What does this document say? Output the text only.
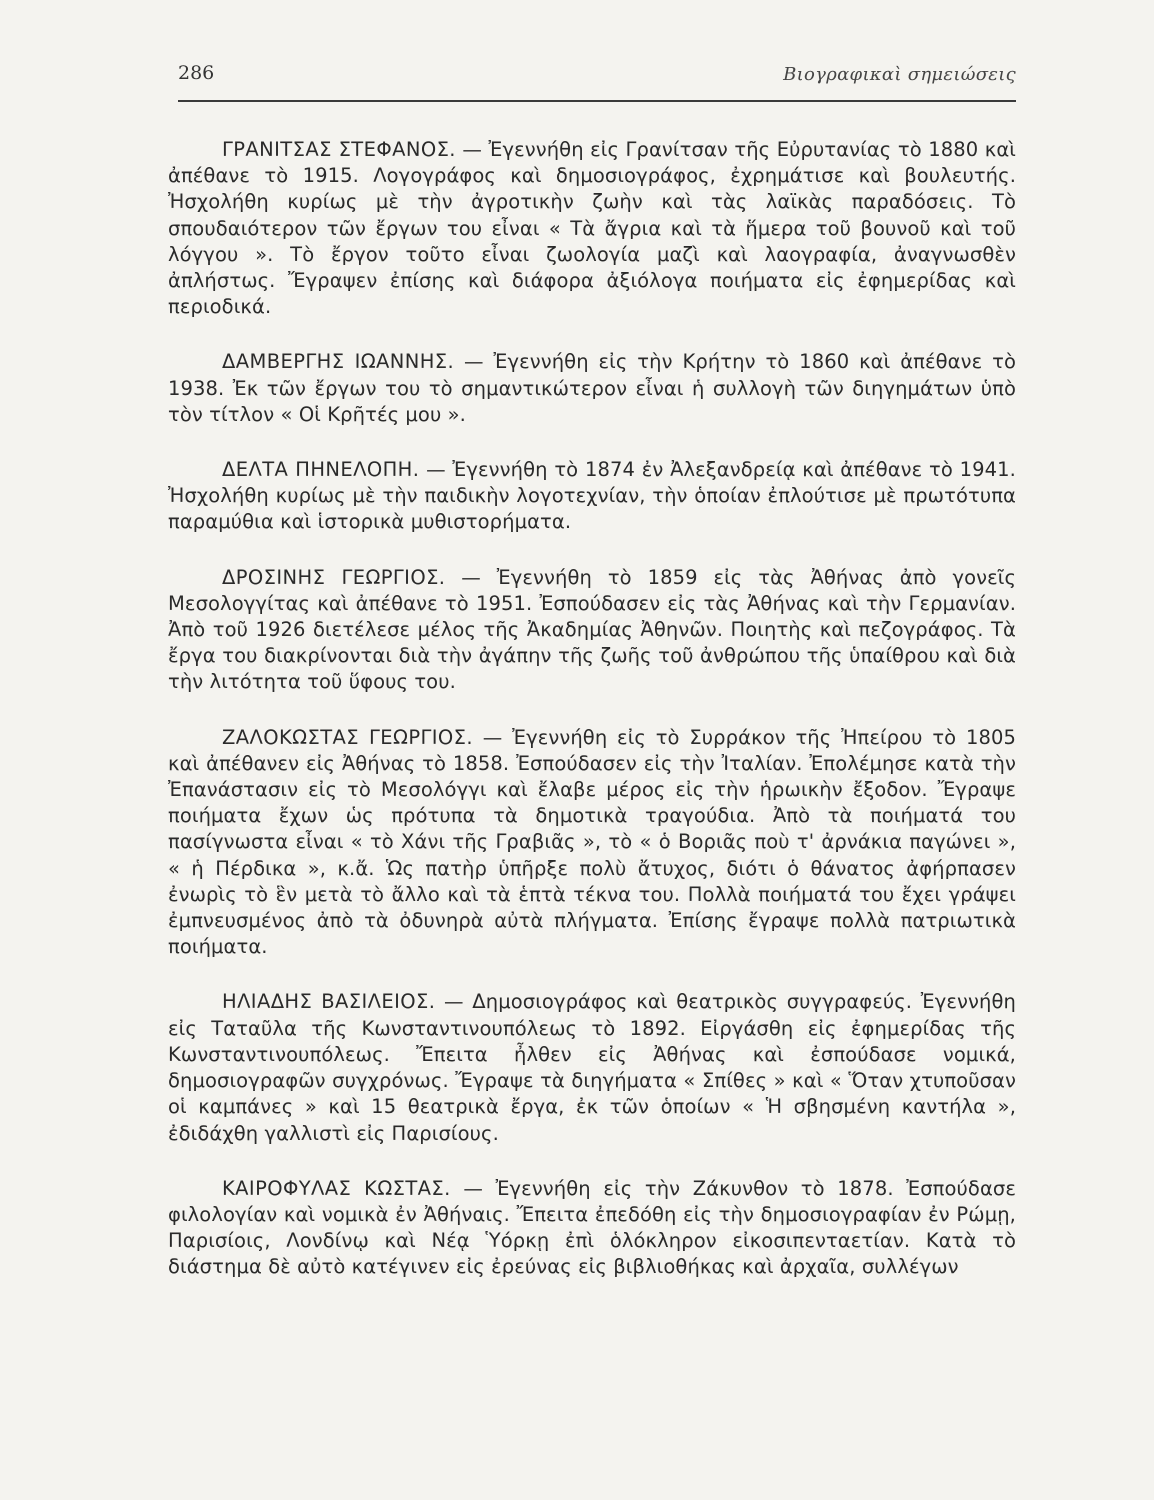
286	Βιογραφικαὶ σημειώσεις

ΓΡΑΝΙΤΣΑΣ ΣΤΕΦΑΝΟΣ. — Ἐγεννήθη εἰς Γρανίτσαν τῆς Εὐρυτανίας τὸ 1880 καὶ ἀπέθανε τὸ 1915. Λογογράφος καὶ δημοσιογράφος, ἐχρημάτισε καὶ βουλευτής. Ἠσχολήθη κυρίως μὲ τὴν ἀγροτικὴν ζωὴν καὶ τὰς λαϊκὰς παραδόσεις. Τὸ σπουδαιότερον τῶν ἔργων του εἶναι « Τὰ ἄγρια καὶ τὰ ἥμερα τοῦ βουνοῦ καὶ τοῦ λόγγου ». Τὸ ἔργον τοῦτο εἶναι ζωολογία μαζὶ καὶ λαογραφία, ἀναγνωσθὲν ἀπλήστως. Ἔγραψεν ἐπίσης καὶ διάφορα ἀξιόλογα ποιήματα εἰς ἐφημερίδας καὶ περιοδικά.

ΔΑΜΒΕΡΓΗΣ ΙΩΑΝΝΗΣ. — Ἐγεννήθη εἰς τὴν Κρήτην τὸ 1860 καὶ ἀπέθανε τὸ 1938. Ἐκ τῶν ἔργων του τὸ σημαντικώτερον εἶναι ἡ συλλογὴ τῶν διηγημάτων ὑπὸ τὸν τίτλον « Οἱ Κρῆτές μου ».

ΔΕΛΤΑ ΠΗΝΕΛΟΠΗ. — Ἐγεννήθη τὸ 1874 ἐν Ἀλεξανδρείᾳ καὶ ἀπέθανε τὸ 1941. Ἠσχολήθη κυρίως μὲ τὴν παιδικὴν λογοτεχνίαν, τὴν ὁποίαν ἐπλούτισε μὲ πρωτότυπα παραμύθια καὶ ἱστορικὰ μυθιστορήματα.

ΔΡΟΣΙΝΗΣ ΓΕΩΡΓΙΟΣ. — Ἐγεννήθη τὸ 1859 εἰς τὰς Ἀθήνας ἀπὸ γονεῖς Μεσολογγίτας καὶ ἀπέθανε τὸ 1951. Ἐσπούδασεν εἰς τὰς Ἀθήνας καὶ τὴν Γερμανίαν. Ἀπὸ τοῦ 1926 διετέλεσε μέλος τῆς Ἀκαδημίας Ἀθηνῶν. Ποιητὴς καὶ πεζογράφος. Τὰ ἔργα του διακρίνονται διὰ τὴν ἀγάπην τῆς ζωῆς τοῦ ἀνθρώπου τῆς ὑπαίθρου καὶ διὰ τὴν λιτότητα τοῦ ὕφους του.

ΖΑΛΟΚΩΣΤΑΣ ΓΕΩΡΓΙΟΣ. — Ἐγεννήθη εἰς τὸ Συρράκον τῆς Ἠπείρου τὸ 1805 καὶ ἀπέθανεν εἰς Ἀθήνας τὸ 1858. Ἐσπούδασεν εἰς τὴν Ἰταλίαν. Ἐπολέμησε κατὰ τὴν Ἐπανάστασιν εἰς τὸ Μεσολόγγι καὶ ἔλαβε μέρος εἰς τὴν ἡρωικὴν ἔξοδον. Ἔγραψε ποιήματα ἔχων ὡς πρότυπα τὰ δημοτικὰ τραγούδια. Ἀπὸ τὰ ποιήματά του πασίγνωστα εἶναι « τὸ Χάνι τῆς Γραβιᾶς », τὸ « ὁ Βοριᾶς ποὺ τ' ἀρνάκια παγώνει », « ἡ Πέρδικα », κ.ἄ. Ὡς πατὴρ ὑπῆρξε πολὺ ἄτυχος, διότι ὁ θάνατος ἀφήρπασεν ἐνωρὶς τὸ ἓν μετὰ τὸ ἄλλο καὶ τὰ ἑπτὰ τέκνα του. Πολλὰ ποιήματά του ἔχει γράψει ἐμπνευσμένος ἀπὸ τὰ ὀδυνηρὰ αὐτὰ πλήγματα. Ἐπίσης ἔγραψε πολλὰ πατριωτικὰ ποιήματα.

ΗΛΙΑΔΗΣ ΒΑΣΙΛΕΙΟΣ. — Δημοσιογράφος καὶ θεατρικὸς συγγραφεύς. Ἐγεννήθη εἰς Ταταῦλα τῆς Κωνσταντινουπόλεως τὸ 1892. Εἰργάσθη εἰς ἐφημερίδας τῆς Κωνσταντινουπόλεως. Ἔπειτα ἦλθεν εἰς Ἀθήνας καὶ ἐσπούδασε νομικά, δημοσιογραφῶν συγχρόνως. Ἔγραψε τὰ διηγήματα « Σπίθες » καὶ « Ὅταν χτυποῦσαν οἱ καμπάνες » καὶ 15 θεατρικὰ ἔργα, ἐκ τῶν ὁποίων « Ἡ σβησμένη καντήλα », ἐδιδάχθη γαλλιστὶ εἰς Παρισίους.

ΚΑΙΡΟΦΥΛΑΣ ΚΩΣΤΑΣ. — Ἐγεννήθη εἰς τὴν Ζάκυνθον τὸ 1878. Ἐσπούδασε φιλολογίαν καὶ νομικὰ ἐν Ἀθήναις. Ἔπειτα ἐπεδόθη εἰς τὴν δημοσιογραφίαν ἐν Ρώμῃ, Παρισίοις, Λονδίνῳ καὶ Νέᾳ Ὑόρκῃ ἐπὶ ὁλόκληρον εἰκοσιπενταετίαν. Κατὰ τὸ διάστημα δὲ αὐτὸ κατέγινεν εἰς ἐρεύνας εἰς βιβλιοθήκας καὶ ἀρχαῖα, συλλέγων
